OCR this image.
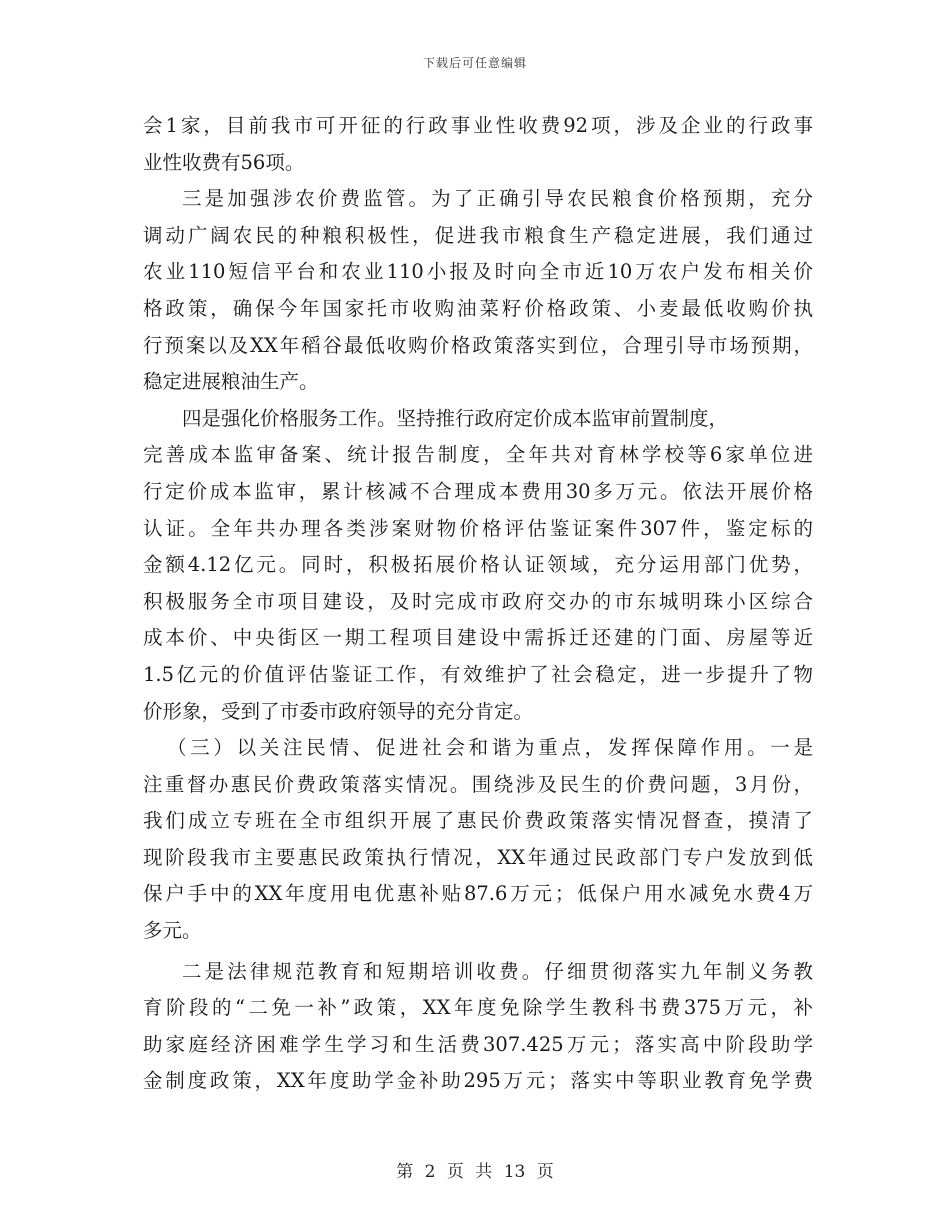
下载后可任意编辑
会1家，目前我市可开征的行政事业性收费92项，涉及企业的行政事
业性收费有56项。
三是加强涉农价费监管。为了正确引导农民粮食价格预期，充分
调动广阔农民的种粮积极性，促进我市粮食生产稳定进展，我们通过
农业110短信平台和农业110小报及时向全市近10万农户发布相关价
格政策，确保今年国家托市收购油菜籽价格政策、小麦最低收购价执
行预案以及XX年稻谷最低收购价格政策落实到位，合理引导市场预期，
稳定进展粮油生产。
四是强化价格服务工作。坚持推行政府定价成本监审前置制度，
完善成本监审备案、统计报告制度，全年共对育林学校等6家单位进
行定价成本监审，累计核减不合理成本费用30多万元。依法开展价格
认证。全年共办理各类涉案财物价格评估鉴证案件307件，鉴定标的
金额4.12亿元。同时，积极拓展价格认证领域，充分运用部门优势，
积极服务全市项目建设，及时完成市政府交办的市东城明珠小区综合
成本价、中央街区一期工程项目建设中需拆迁还建的门面、房屋等近
1.5亿元的价值评估鉴证工作，有效维护了社会稳定，进一步提升了物
价形象，受到了市委市政府领导的充分肯定。
（三）以关注民情、促进社会和谐为重点，发挥保障作用。一是
注重督办惠民价费政策落实情况。围绕涉及民生的价费问题，3月份，
我们成立专班在全市组织开展了惠民价费政策落实情况督查，摸清了
现阶段我市主要惠民政策执行情况，XX年通过民政部门专户发放到低
保户手中的XX年度用电优惠补贴87.6万元；低保户用水减免水费4万
多元。
二是法律规范教育和短期培训收费。仔细贯彻落实九年制义务教
育阶段的“二免一补”政策，XX年度免除学生教科书费375万元，补
助家庭经济困难学生学习和生活费307.425万元；落实高中阶段助学
金制度政策，XX年度助学金补助295万元；落实中等职业教育免学费
第 2 页 共 13 页
